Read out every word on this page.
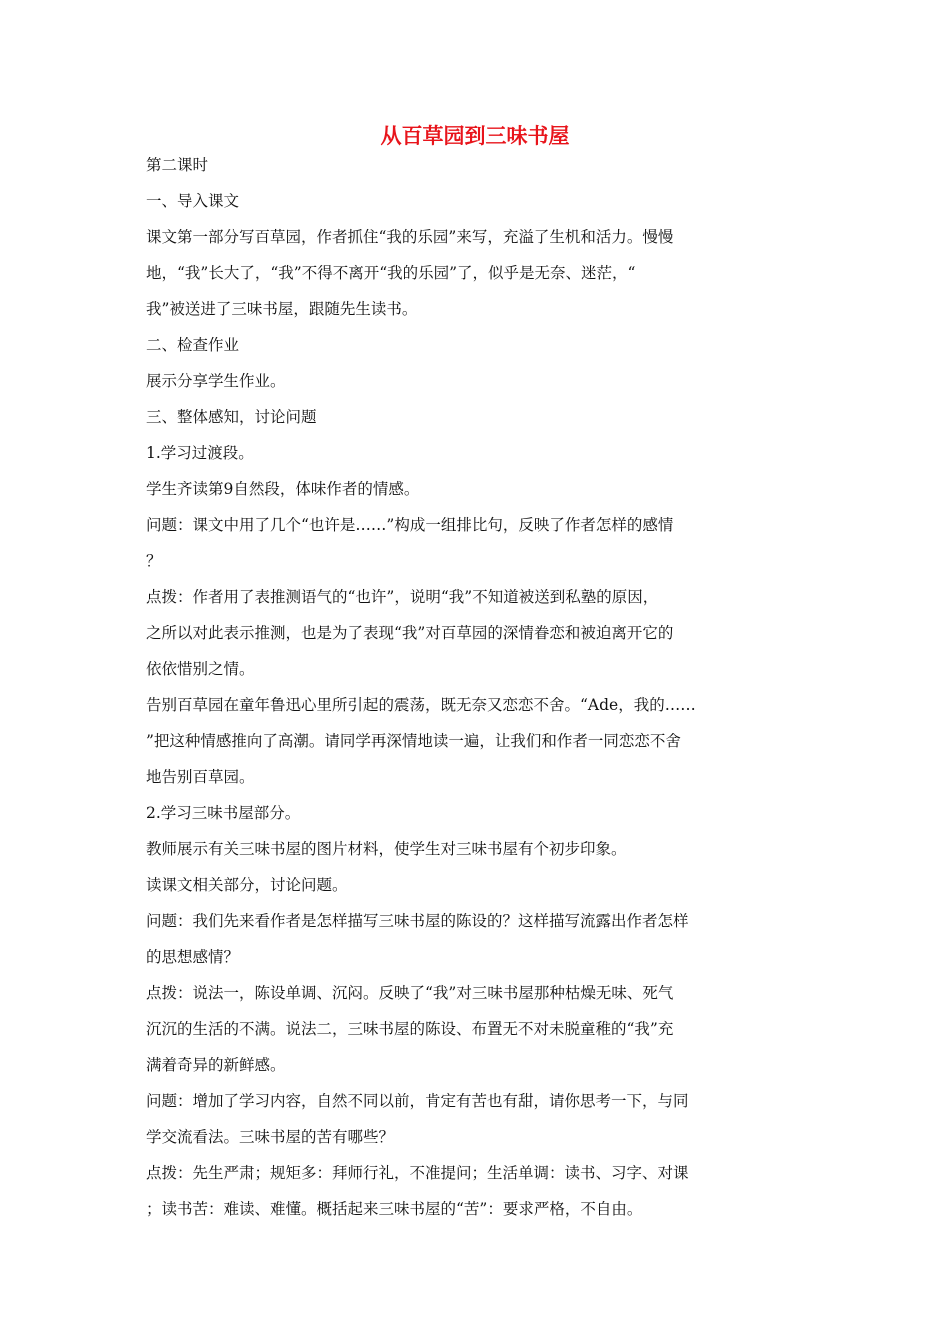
从百草园到三味书屋
第二课时
一、导入课文
课文第一部分写百草园，作者抓住“我的乐园”来写，充溢了生机和活力。慢慢
地，“我”长大了，“我”不得不离开“我的乐园”了，似乎是无奈、迷茫，“
我”被送进了三味书屋，跟随先生读书。
二、检查作业
展示分享学生作业。
三、整体感知，讨论问题
1.学习过渡段。
学生齐读第9自然段，体味作者的情感。
问题：课文中用了几个“也许是……”构成一组排比句，反映了作者怎样的感情
？
点拨：作者用了表推测语气的“也许”，说明“我”不知道被送到私塾的原因，
之所以对此表示推测，也是为了表现“我”对百草园的深情眷恋和被迫离开它的
依依惜别之情。
告别百草园在童年鲁迅心里所引起的震荡，既无奈又恋恋不舍。“Ade，我的……
”把这种情感推向了高潮。请同学再深情地读一遍，让我们和作者一同恋恋不舍
地告别百草园。
2.学习三味书屋部分。
教师展示有关三味书屋的图片材料，使学生对三味书屋有个初步印象。
读课文相关部分，讨论问题。
问题：我们先来看作者是怎样描写三味书屋的陈设的？这样描写流露出作者怎样
的思想感情？
点拨：说法一，陈设单调、沉闷。反映了“我”对三味书屋那种枯燥无味、死气
沉沉的生活的不满。说法二，三味书屋的陈设、布置无不对未脱童稚的“我”充
满着奇异的新鲜感。
问题：增加了学习内容，自然不同以前，肯定有苦也有甜，请你思考一下，与同
学交流看法。三味书屋的苦有哪些？
点拨：先生严肃；规矩多：拜师行礼，不准提问；生活单调：读书、习字、对课
；读书苦：难读、难懂。概括起来三味书屋的“苦”：要求严格，不自由。
